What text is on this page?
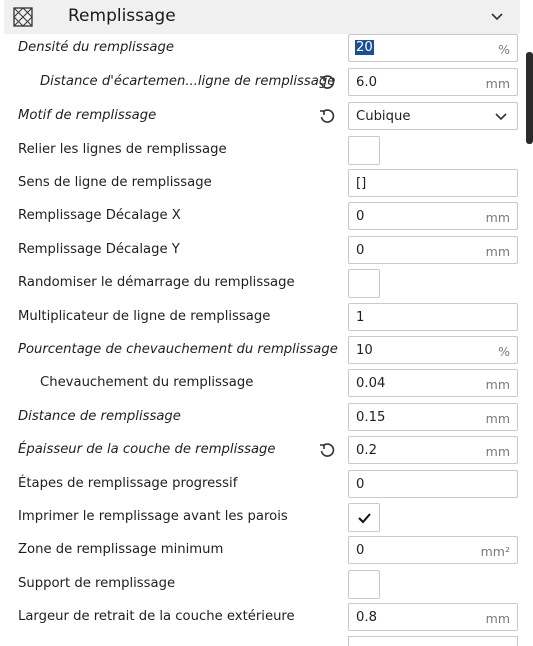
Remplissage
Densité du remplissage	20	%
Distance d'écartemen...ligne de remplissage 6.0	mm
Motif de remplissage	Cubique
Relier les lignes de remplissage
Sens de ligne de remplissage	[]
Remplissage Décalage X	0	mm
Remplissage Décalage Y	0	mm
Randomiser le démarrage du remplissage
Multiplicateur de ligne de remplissage	1
Pourcentage de chevauchement du remplissage 10	%
Chevauchement du remplissage	0.04	mm
Distance de remplissage	0.15	mm
Épaisseur de la couche de remplissage	0.2	mm
Étapes de remplissage progressif	0
Imprimer le remplissage avant les parois
Zone de remplissage minimum	0	mm²
Support de remplissage
Largeur de retrait de la couche extérieure	0.8	mm
